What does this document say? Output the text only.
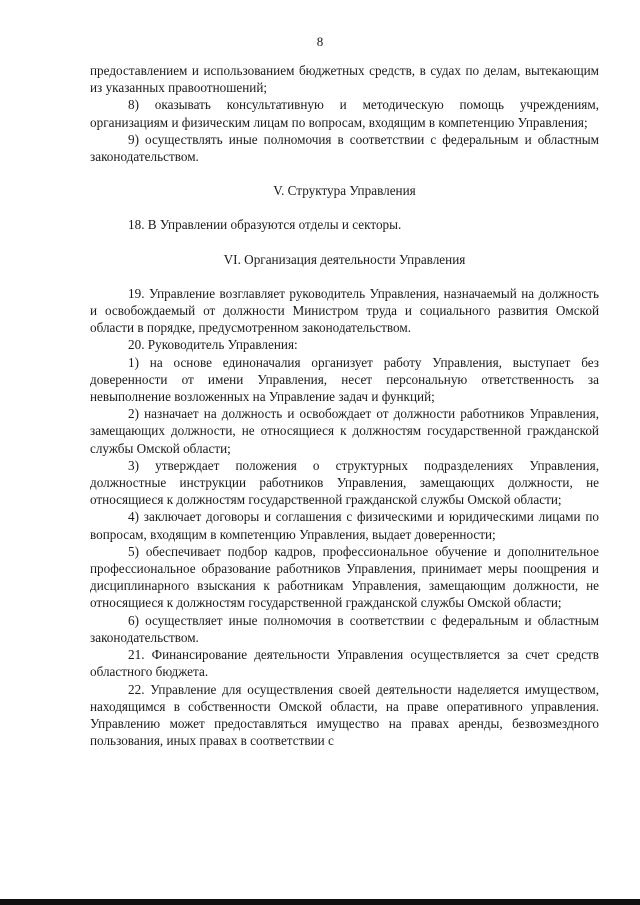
8

предоставлением и использованием бюджетных средств, в судах по делам, вытекающим из указанных правоотношений;

8) оказывать консультативную и методическую помощь учреждениям, организациям и физическим лицам по вопросам, входящим в компетенцию Управления;

9) осуществлять иные полномочия в соответствии с федеральным и областным законодательством.

V. Структура Управления

18. В Управлении образуются отделы и секторы.

VI. Организация деятельности Управления

19. Управление возглавляет руководитель Управления, назначаемый на должность и освобождаемый от должности Министром труда и социального развития Омской области в порядке, предусмотренном законодательством.

20. Руководитель Управления:

1) на основе единоначалия организует работу Управления, выступает без доверенности от имени Управления, несет персональную ответственность за невыполнение возложенных на Управление задач и функций;

2) назначает на должность и освобождает от должности работников Управления, замещающих должности, не относящиеся к должностям государственной гражданской службы Омской области;

3) утверждает положения о структурных подразделениях Управления, должностные инструкции работников Управления, замещающих должности, не относящиеся к должностям государственной гражданской службы Омской области;

4) заключает договоры и соглашения с физическими и юридическими лицами по вопросам, входящим в компетенцию Управления, выдает доверенности;

5) обеспечивает подбор кадров, профессиональное обучение и дополнительное профессиональное образование работников Управления, принимает меры поощрения и дисциплинарного взыскания к работникам Управления, замещающим должности, не относящиеся к должностям государственной гражданской службы Омской области;

6) осуществляет иные полномочия в соответствии с федеральным и областным законодательством.

21. Финансирование деятельности Управления осуществляется за счет средств областного бюджета.

22. Управление для осуществления своей деятельности наделяется имуществом, находящимся в собственности Омской области, на праве оперативного управления. Управлению может предоставляться имущество на правах аренды, безвозмездного пользования, иных правах в соответствии с
